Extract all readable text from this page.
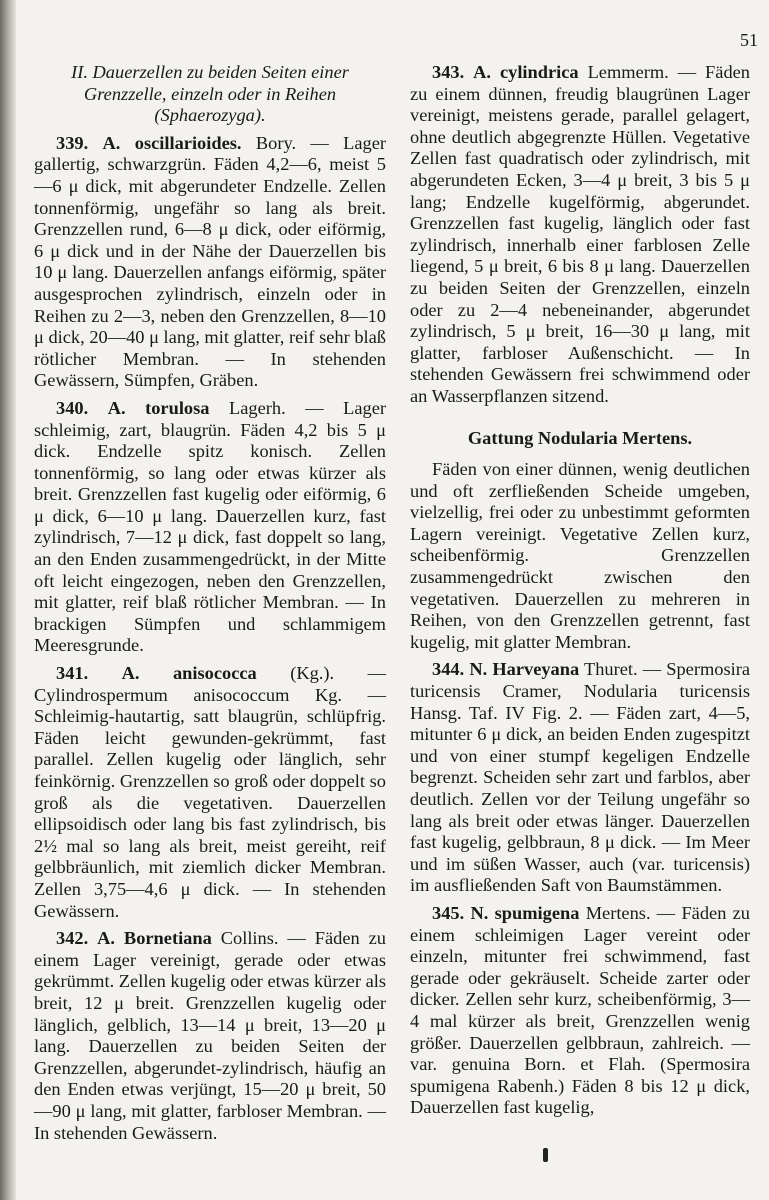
51

II. Dauerzellen zu beiden Seiten einer Grenzzelle, einzeln oder in Reihen (Sphaerozyga).

339. A. oscillarioides. Bory. — Lager gallertig, schwarzgrün. Fäden 4,2—6, meist 5—6 μ dick, mit abgerundeter Endzelle. Zellen tonnenförmig, ungefähr so lang als breit. Grenzzellen rund, 6—8 μ dick, oder eiförmig, 6 μ dick und in der Nähe der Dauerzellen bis 10 μ lang. Dauerzellen anfangs eiförmig, später ausgesprochen zylindrisch, einzeln oder in Reihen zu 2—3, neben den Grenzzellen, 8—10 μ dick, 20—40 μ lang, mit glatter, reif sehr blaß rötlicher Membran. — In stehenden Gewässern, Sümpfen, Gräben.

340. A. torulosa Lagerh. — Lager schleimig, zart, blaugrün. Fäden 4,2 bis 5 μ dick. Endzelle spitz konisch. Zellen tonnenförmig, so lang oder etwas kürzer als breit. Grenzzellen fast kugelig oder eiförmig, 6 μ dick, 6—10 μ lang. Dauerzellen kurz, fast zylindrisch, 7—12 μ dick, fast doppelt so lang, an den Enden zusammengedrückt, in der Mitte oft leicht eingezogen, neben den Grenzzellen, mit glatter, reif blaß rötlicher Membran. — In brackigen Sümpfen und schlammigem Meeresgrunde.

341. A. anisococca (Kg.). — Cylindrospermum anisococcum Kg. — Schleimig-hautartig, satt blaugrün, schlüpfrig. Fäden leicht gewunden-gekrümmt, fast parallel. Zellen kugelig oder länglich, sehr feinkörnig. Grenzzellen so groß oder doppelt so groß als die vegetativen. Dauerzellen ellipsoidisch oder lang bis fast zylindrisch, bis 2½ mal so lang als breit, meist gereiht, reif gelbbräunlich, mit ziemlich dicker Membran. Zellen 3,75—4,6 μ dick. — In stehenden Gewässern.

342. A. Bornetiana Collins. — Fäden zu einem Lager vereinigt, gerade oder etwas gekrümmt. Zellen kugelig oder etwas kürzer als breit, 12 μ breit. Grenzzellen kugelig oder länglich, gelblich, 13—14 μ breit, 13—20 μ lang. Dauerzellen zu beiden Seiten der Grenzzellen, abgerundet-zylindrisch, häufig an den Enden etwas verjüngt, 15—20 μ breit, 50—90 μ lang, mit glatter, farbloser Membran. — In stehenden Gewässern.

343. A. cylindrica Lemmerm. — Fäden zu einem dünnen, freudig blaugrünen Lager vereinigt, meistens gerade, parallel gelagert, ohne deutlich abgegrenzte Hüllen. Vegetative Zellen fast quadratisch oder zylindrisch, mit abgerundeten Ecken, 3—4 μ breit, 3 bis 5 μ lang; Endzelle kugelförmig, abgerundet. Grenzzellen fast kugelig, länglich oder fast zylindrisch, innerhalb einer farblosen Zelle liegend, 5 μ breit, 6 bis 8 μ lang. Dauerzellen zu beiden Seiten der Grenzzellen, einzeln oder zu 2—4 nebeneinander, abgerundet zylindrisch, 5 μ breit, 16—30 μ lang, mit glatter, farbloser Außenschicht. — In stehenden Gewässern frei schwimmend oder an Wasserpflanzen sitzend.

Gattung Nodularia Mertens.

Fäden von einer dünnen, wenig deutlichen und oft zerfließenden Scheide umgeben, vielzellig, frei oder zu unbestimmt geformten Lagern vereinigt. Vegetative Zellen kurz, scheibenförmig. Grenzzellen zusammengedrückt zwischen den vegetativen. Dauerzellen zu mehreren in Reihen, von den Grenzzellen getrennt, fast kugelig, mit glatter Membran.

344. N. Harveyana Thuret. — Spermosira turicensis Cramer, Nodularia turicensis Hansg. Taf. IV Fig. 2. — Fäden zart, 4—5, mitunter 6 μ dick, an beiden Enden zugespitzt und von einer stumpf kegeligen Endzelle begrenzt. Scheiden sehr zart und farblos, aber deutlich. Zellen vor der Teilung ungefähr so lang als breit oder etwas länger. Dauerzellen fast kugelig, gelbbraun, 8 μ dick. — Im Meer und im süßen Wasser, auch (var. turicensis) im ausfließenden Saft von Baumstämmen.

345. N. spumigena Mertens. — Fäden zu einem schleimigen Lager vereint oder einzeln, mitunter frei schwimmend, fast gerade oder gekräuselt. Scheide zarter oder dicker. Zellen sehr kurz, scheibenförmig, 3—4 mal kürzer als breit, Grenzzellen wenig größer. Dauerzellen gelbbraun, zahlreich. — var. genuina Born. et Flah. (Spermosira spumigena Rabenh.) Fäden 8 bis 12 μ dick, Dauerzellen fast kugelig,
